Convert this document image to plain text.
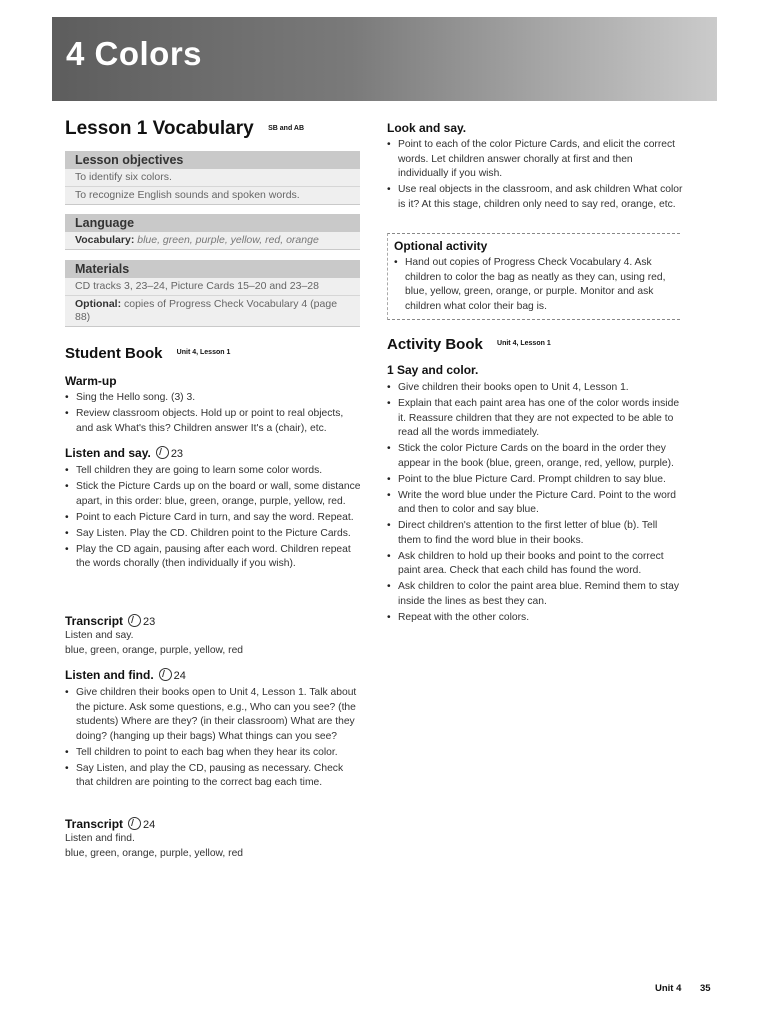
4 Colors
Lesson 1 Vocabulary $^{SB and AB}$
Lesson objectives
To identify six colors.
To recognize English sounds and spoken words.
Language
Vocabulary: blue, green, purple, yellow, red, orange
Materials
CD tracks 3, 23–24, Picture Cards 15–20 and 23–28
Optional: copies of Progress Check Vocabulary 4 (page 88)
Student Book $^{Unit 4, Lesson 1}$
Warm-up
• Sing the Hello song. (3) 3.
• Review classroom objects. Hold up or point to real objects, and ask What's this? Children answer It's a (chair), etc.
Listen and say. 23
• Tell children they are going to learn some color words.
• Stick the Picture Cards up on the board or wall, some distance apart, in this order: blue, green, orange, purple, yellow, red.
• Point to each Picture Card in turn, and say the word. Repeat.
• Say Listen. Play the CD. Children point to the Picture Cards.
• Play the CD again, pausing after each word. Children repeat the words chorally (then individually if you wish).
Transcript 23
Listen and say.
blue, green, orange, purple, yellow, red
Listen and find. 24
• Give children their books open to Unit 4, Lesson 1. Talk about the picture. Ask some questions, e.g., Who can you see? (the students) Where are they? (in their classroom) What are they doing? (hanging up their bags) What things can you see?
• Tell children to point to each bag when they hear its color.
• Say Listen, and play the CD, pausing as necessary. Check that children are pointing to the correct bag each time.
Transcript 24
Listen and find.
blue, green, orange, purple, yellow, red
Look and say.
• Point to each of the color Picture Cards, and elicit the correct words. Let children answer chorally at first and then individually if you wish.
• Use real objects in the classroom, and ask children What color is it? At this stage, children only need to say red, orange, etc.
Optional activity
• Hand out copies of Progress Check Vocabulary 4. Ask children to color the bag as neatly as they can, using red, blue, yellow, green, orange, or purple. Monitor and ask children what color their bag is.
Activity Book $^{Unit 4, Lesson 1}$
1 Say and color.
• Give children their books open to Unit 4, Lesson 1.
• Explain that each paint area has one of the color words inside it. Reassure children that they are not expected to be able to read all the words immediately.
• Stick the color Picture Cards on the board in the order they appear in the book (blue, green, orange, red, yellow, purple).
• Point to the blue Picture Card. Prompt children to say blue.
• Write the word blue under the Picture Card. Point to the word and then to color and say blue.
• Direct children's attention to the first letter of blue (b). Tell them to find the word blue in their books.
• Ask children to hold up their books and point to the correct paint area. Check that each child has found the word.
• Ask children to color the paint area blue. Remind them to stay inside the lines as best they can.
• Repeat with the other colors.
Unit 4 35
